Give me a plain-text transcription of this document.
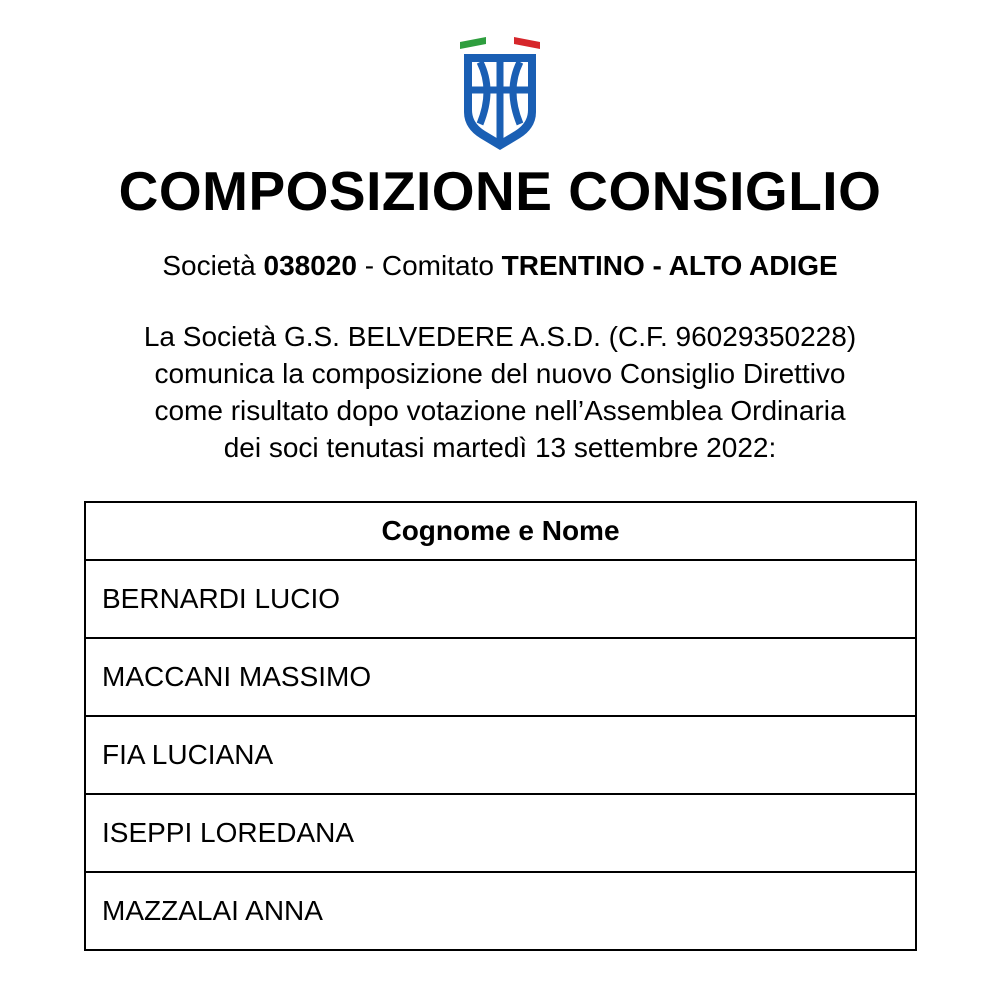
COMPOSIZIONE CONSIGLIO
Società 038020 - Comitato TRENTINO - ALTO ADIGE
La Società G.S. BELVEDERE A.S.D. (C.F. 96029350228)
comunica la composizione del nuovo Consiglio Direttivo
come risultato dopo votazione nell’Assemblea Ordinaria
dei soci tenutasi martedì 13 settembre 2022:
Cognome e Nome
BERNARDI LUCIO
MACCANI MASSIMO
FIA LUCIANA
ISEPPI LOREDANA
MAZZALAI ANNA
